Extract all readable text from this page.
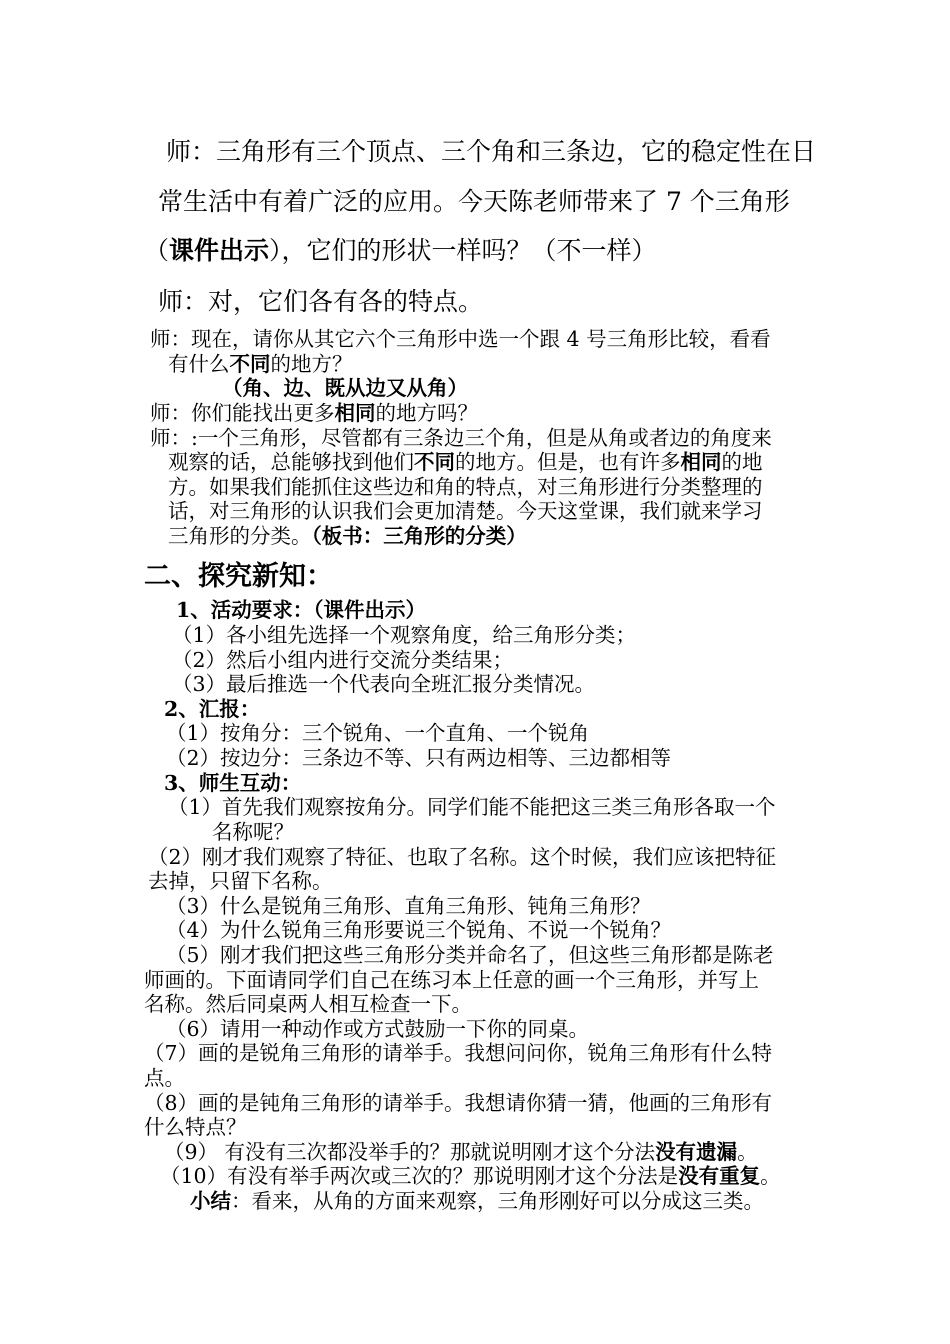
师：三角形有三个顶点、三个角和三条边，它的稳定性在日
常生活中有着广泛的应用。今天陈老师带来了 7 个三角形
（课件出示），它们的形状一样吗？（不一样）
师：对，它们各有各的特点。
师：现在，请你从其它六个三角形中选一个跟 4 号三角形比较，看看
有什么不同的地方？
（角、边、既从边又从角）
师：你们能找出更多相同的地方吗？
师：:一个三角形，尽管都有三条边三个角，但是从角或者边的角度来
观察的话，总能够找到他们不同的地方。但是，也有许多相同的地
方。如果我们能抓住这些边和角的特点，对三角形进行分类整理的
话，对三角形的认识我们会更加清楚。今天这堂课，我们就来学习
三角形的分类。（板书：三角形的分类）
二、探究新知：
1、活动要求：（课件出示）
（1）各小组先选择一个观察角度，给三角形分类；
（2）然后小组内进行交流分类结果；
（3）最后推选一个代表向全班汇报分类情况。
2、汇报：
（1）按角分：三个锐角、一个直角、一个锐角
（2）按边分：三条边不等、只有两边相等、三边都相等
3、师生互动：
（1）首先我们观察按角分。同学们能不能把这三类三角形各取一个
名称呢？
（2）刚才我们观察了特征、也取了名称。这个时候，我们应该把特征
去掉，只留下名称。
（3）什么是锐角三角形、直角三角形、钝角三角形？
（4）为什么锐角三角形要说三个锐角、不说一个锐角？
（5）刚才我们把这些三角形分类并命名了，但这些三角形都是陈老
师画的。下面请同学们自己在练习本上任意的画一个三角形，并写上
名称。然后同桌两人相互检查一下。
（6）请用一种动作或方式鼓励一下你的同桌。
（7）画的是锐角三角形的请举手。我想问问你，锐角三角形有什么特
点。
（8）画的是钝角三角形的请举手。我想请你猜一猜，他画的三角形有
什么特点？
（9） 有没有三次都没举手的？那就说明刚才这个分法没有遗漏。
（10）有没有举手两次或三次的？那说明刚才这个分法是没有重复。
小结：看来，从角的方面来观察，三角形刚好可以分成这三类。
